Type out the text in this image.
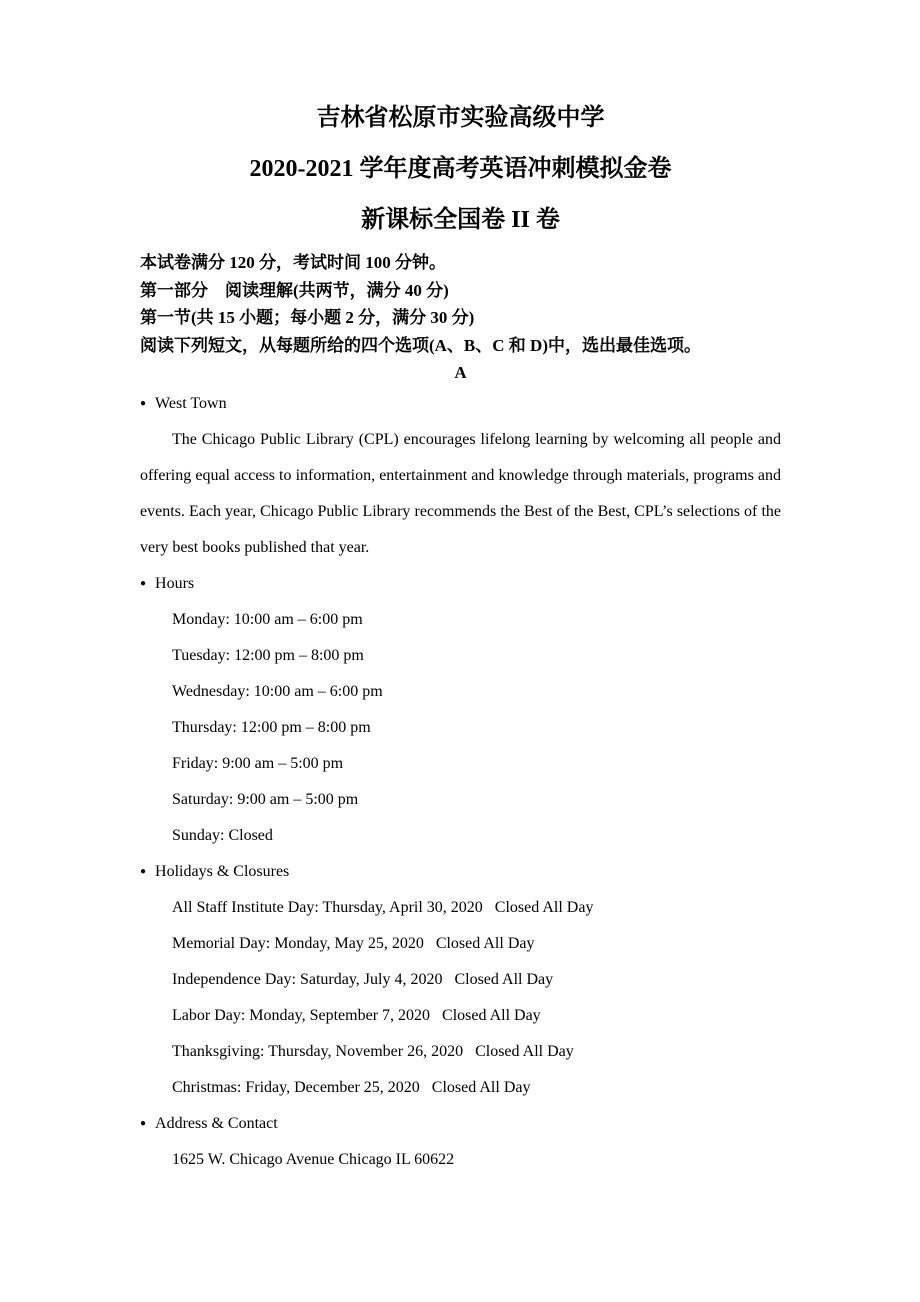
吉林省松原市实验高级中学
2020-2021 学年度高考英语冲刺模拟金卷
新课标全国卷 II 卷

本试卷满分 120 分，考试时间 100 分钟。

第一部分　阅读理解(共两节，满分 40 分)

第一节(共 15 小题；每小题 2 分，满分 30 分)

阅读下列短文，从每题所给的四个选项(A、B、C 和 D)中，选出最佳选项。

A
● West Town

The Chicago Public Library (CPL) encourages lifelong learning by welcoming all people and offering equal access to information, entertainment and knowledge through materials, programs and events. Each year, Chicago Public Library recommends the Best of the Best, CPL’s selections of the very best books published that year.

● Hours
Monday: 10:00 am – 6:00 pm
Tuesday: 12:00 pm – 8:00 pm
Wednesday: 10:00 am – 6:00 pm
Thursday: 12:00 pm – 8:00 pm
Friday: 9:00 am – 5:00 pm
Saturday: 9:00 am – 5:00 pm
Sunday: Closed
● Holidays & Closures
All Staff Institute Day: Thursday, April 30, 2020   Closed All Day
Memorial Day: Monday, May 25, 2020   Closed All Day
Independence Day: Saturday, July 4, 2020   Closed All Day
Labor Day: Monday, September 7, 2020   Closed All Day
Thanksgiving: Thursday, November 26, 2020   Closed All Day
Christmas: Friday, December 25, 2020   Closed All Day
● Address & Contact
1625 W. Chicago Avenue Chicago IL 60622
